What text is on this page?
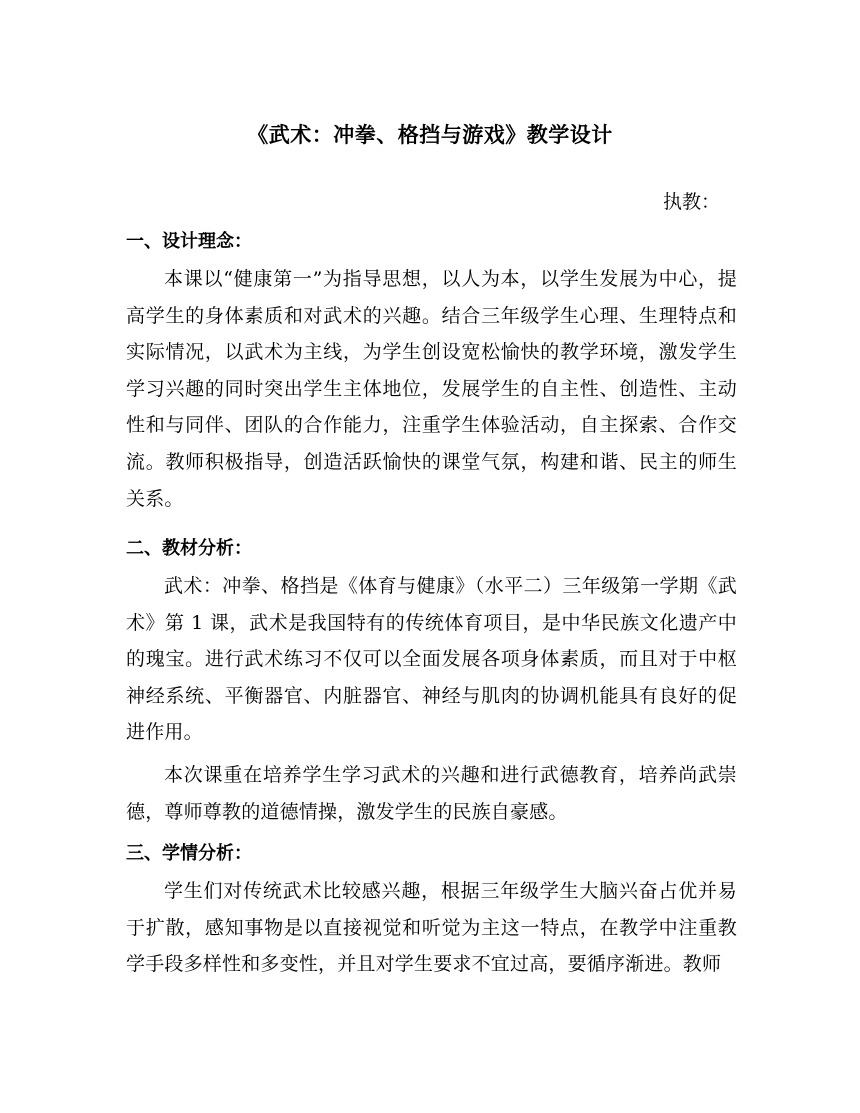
《武术：冲拳、格挡与游戏》教学设计
执教：
一、设计理念：

本课以“健康第一”为指导思想，以人为本，以学生发展为中心，提高学生的身体素质和对武术的兴趣。结合三年级学生心理、生理特点和实际情况，以武术为主线，为学生创设宽松愉快的教学环境，激发学生学习兴趣的同时突出学生主体地位，发展学生的自主性、创造性、主动性和与同伴、团队的合作能力，注重学生体验活动，自主探索、合作交流。教师积极指导，创造活跃愉快的课堂气氛，构建和谐、民主的师生关系。

二、教材分析：

武术：冲拳、格挡是《体育与健康》（水平二）三年级第一学期《武术》第 1 课，武术是我国特有的传统体育项目，是中华民族文化遗产中的瑰宝。进行武术练习不仅可以全面发展各项身体素质，而且对于中枢神经系统、平衡器官、内脏器官、神经与肌肉的协调机能具有良好的促进作用。

本次课重在培养学生学习武术的兴趣和进行武德教育，培养尚武崇德，尊师尊教的道德情操，激发学生的民族自豪感。

三、学情分析：

学生们对传统武术比较感兴趣，根据三年级学生大脑兴奋占优并易于扩散，感知事物是以直接视觉和听觉为主这一特点，在教学中注重教学手段多样性和多变性，并且对学生要求不宜过高，要循序渐进。教师
